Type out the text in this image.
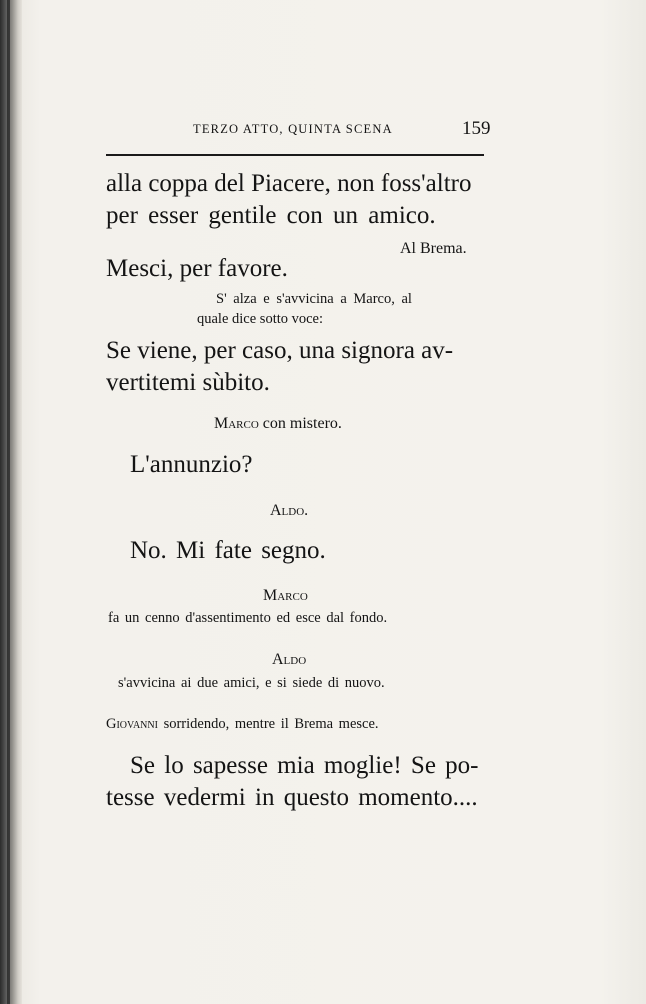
TERZO ATTO, QUINTA SCENA	159
alla coppa del Piacere, non foss'altro
per esser gentile con un amico.
Al Brema.
Mesci, per favore.
S' alza e s'avvicina a Marco, al
quale dice sotto voce:
Se viene, per caso, una signora av-
vertitemi sùbito.
Marco con mistero.
L'annunzio?
Aldo.
No. Mi fate segno.
Marco
fa un cenno d'assentimento ed esce dal fondo.
Aldo
s'avvicina ai due amici, e si siede di nuovo.
Giovanni sorridendo, mentre il Brema mesce.
Se lo sapesse mia moglie! Se po-
tesse vedermi in questo momento....
